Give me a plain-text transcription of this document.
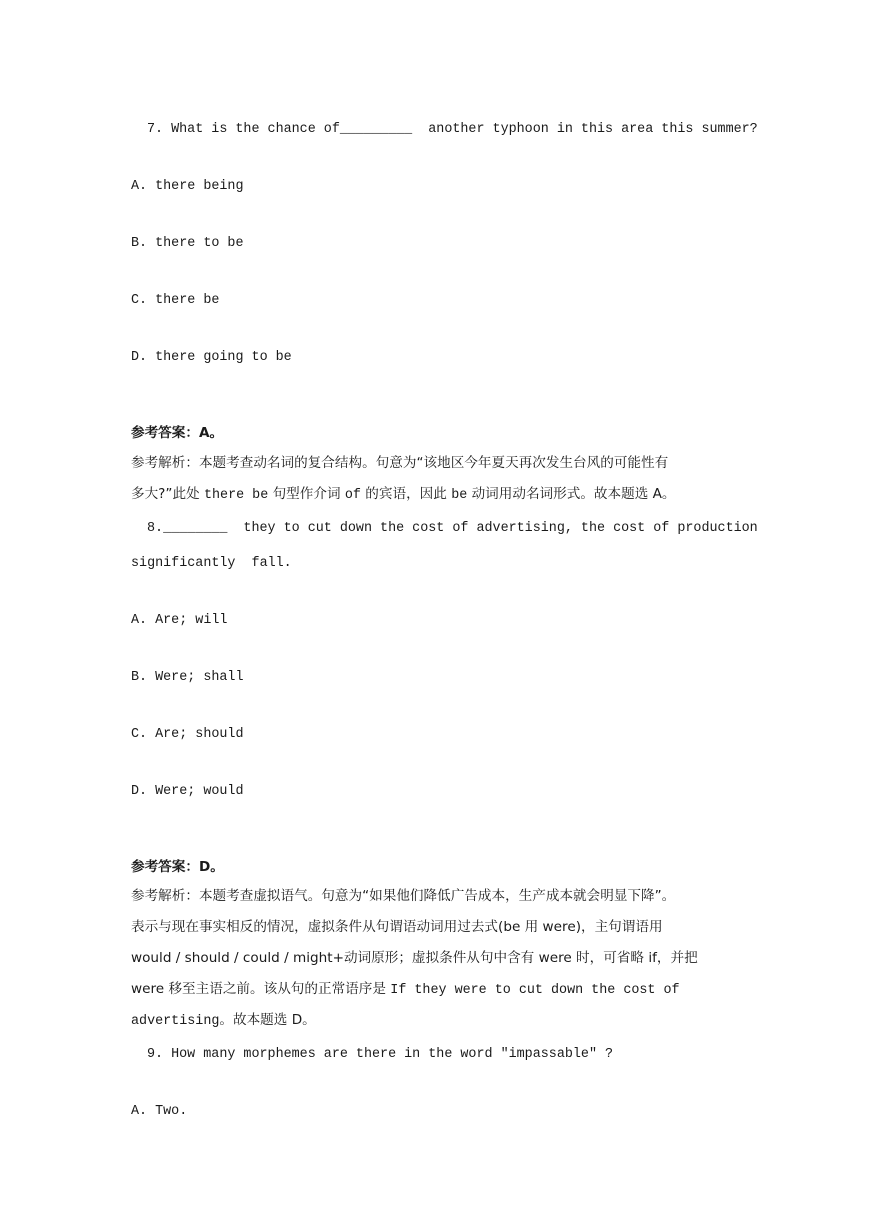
7. What is the chance of_________  another typhoon in this area this summer?
A. there being
B. there to be
C. there be
D. there going to be
参考答案：A。
参考解析：本题考查动名词的复合结构。句意为“该地区今年夏天再次发生台风的可能性有
多大?”此处 there be 句型作介词 of 的宾语，因此 be 动词用动名词形式。故本题选 A。
8.________  they to cut down the cost of advertising, the cost of production
significantly  fall.
A. Are; will
B. Were; shall
C. Are; should
D. Were; would
参考答案：D。
参考解析：本题考查虚拟语气。句意为“如果他们降低广告成本，生产成本就会明显下降”。
表示与现在事实相反的情况，虚拟条件从句谓语动词用过去式(be 用 were)，主句谓语用
would / should / could / might+动词原形；虚拟条件从句中含有 were 时，可省略 if，并把
were 移至主语之前。该从句的正常语序是 If they were to cut down the cost of
advertising。故本题选 D。
9. How many morphemes are there in the word "impassable" ?
A. Two.
